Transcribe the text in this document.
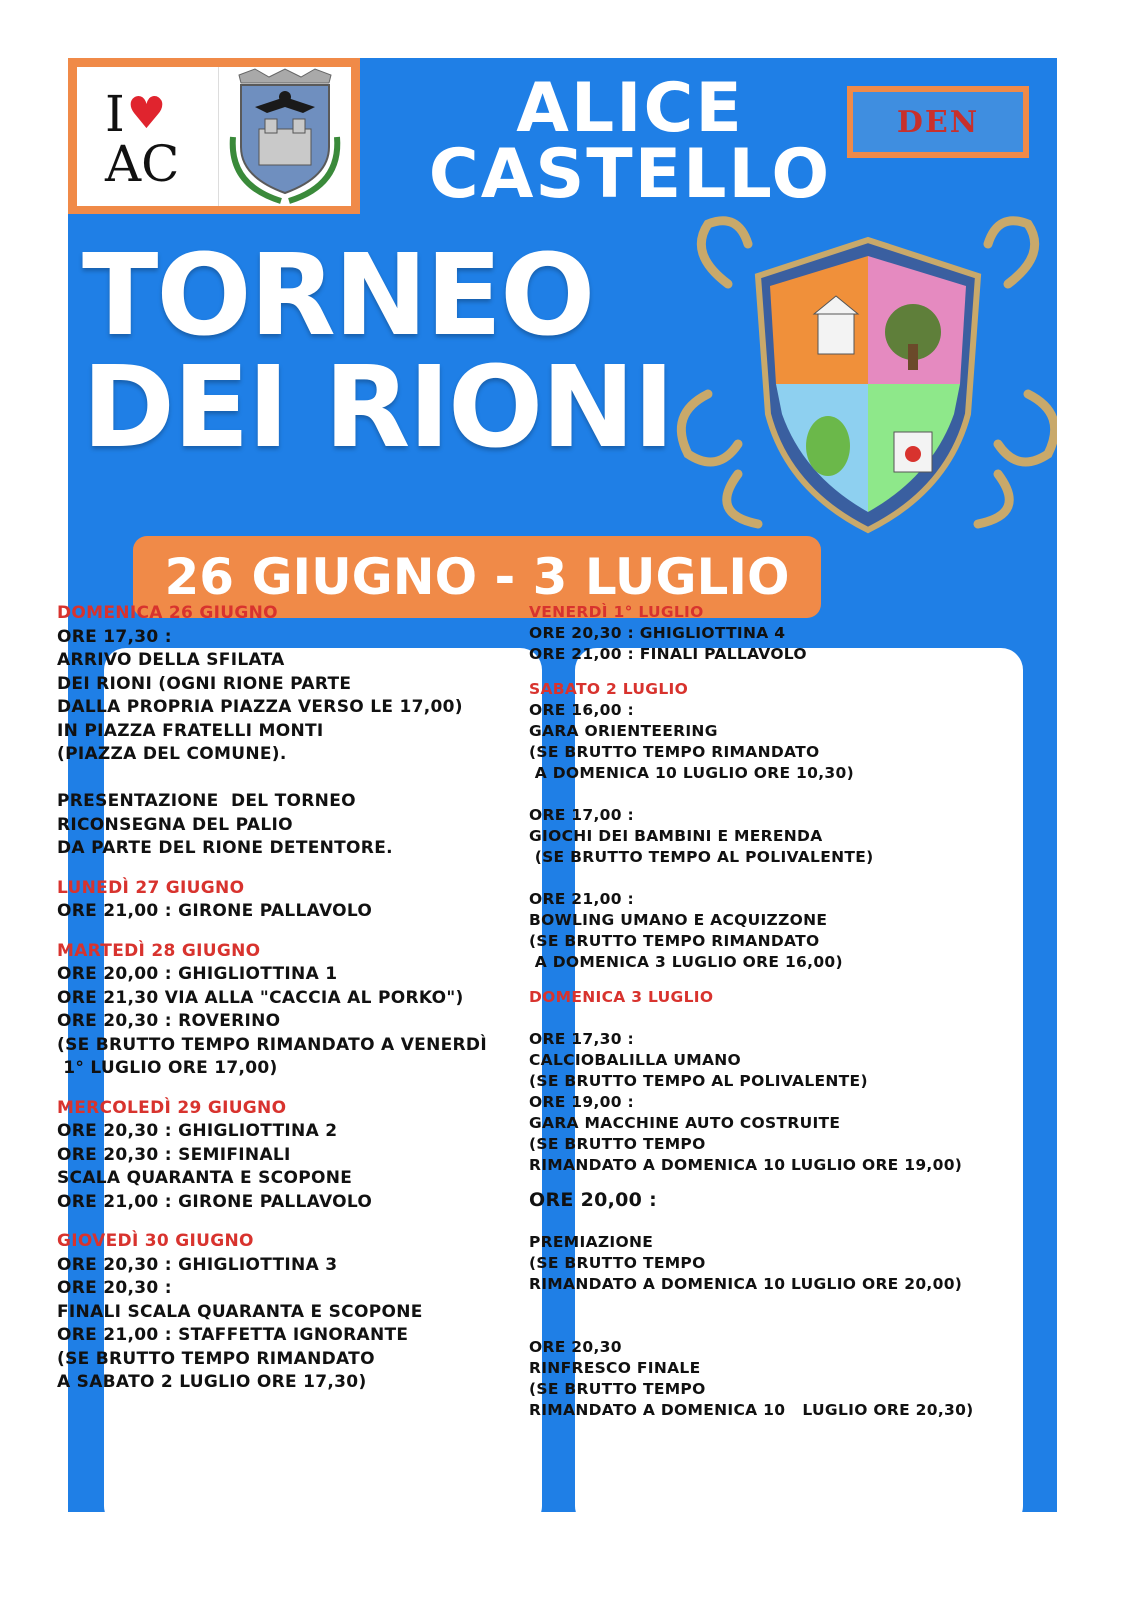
I ♥
AC
ALICE
CASTELLO
DEN
TORNEO
DEI RIONI
26 GIUGNO - 3 LUGLIO
DOMENICA 26 GIUGNO
ORE 17,30 :
ARRIVO DELLA SFILATA
DEI RIONI (OGNI RIONE PARTE
DALLA PROPRIA PIAZZA VERSO LE 17,00)
IN PIAZZA FRATELLI MONTI
(PIAZZA DEL COMUNE).

PRESENTAZIONE  DEL TORNEO
RICONSEGNA DEL PALIO
DA PARTE DEL RIONE DETENTORE.
LUNEDÌ 27 GIUGNO
ORE 21,00 : GIRONE PALLAVOLO
MARTEDÌ 28 GIUGNO
ORE 20,00 : GHIGLIOTTINA 1
ORE 21,30 VIA ALLA "CACCIA AL PORKO")
ORE 20,30 : ROVERINO
(SE BRUTTO TEMPO RIMANDATO A VENERDÌ
1° LUGLIO ORE 17,00)
MERCOLEDÌ 29 GIUGNO
ORE 20,30 : GHIGLIOTTINA 2
ORE 20,30 : SEMIFINALI
SCALA QUARANTA E SCOPONE
ORE 21,00 : GIRONE PALLAVOLO
GIOVEDÌ 30 GIUGNO
ORE 20,30 : GHIGLIOTTINA 3
ORE 20,30 :
FINALI SCALA QUARANTA E SCOPONE
ORE 21,00 : STAFFETTA IGNORANTE
(SE BRUTTO TEMPO RIMANDATO
A SABATO 2 LUGLIO ORE 17,30)
VENERDÌ 1° LUGLIO
ORE 20,30 : GHIGLIOTTINA 4
ORE 21,00 : FINALI PALLAVOLO
SABATO 2 LUGLIO
ORE 16,00 :
GARA ORIENTEERING
(SE BRUTTO TEMPO RIMANDATO
A DOMENICA 10 LUGLIO ORE 10,30)

ORE 17,00 :
GIOCHI DEI BAMBINI E MERENDA
(SE BRUTTO TEMPO AL POLIVALENTE)

ORE 21,00 :
BOWLING UMANO E ACQUIZZONE
(SE BRUTTO TEMPO RIMANDATO
A DOMENICA 3 LUGLIO ORE 16,00)
DOMENICA 3 LUGLIO

ORE 17,30 :
CALCIOBALILLA UMANO
(SE BRUTTO TEMPO AL POLIVALENTE)
ORE 19,00 :
GARA MACCHINE AUTO COSTRUITE
(SE BRUTTO TEMPO
RIMANDATO A DOMENICA 10 LUGLIO ORE 19,00)
ORE 20,00 :

PREMIAZIONE
(SE BRUTTO TEMPO
RIMANDATO A DOMENICA 10 LUGLIO ORE 20,00)

ORE 20,30
RINFRESCO FINALE
(SE BRUTTO TEMPO
RIMANDATO A DOMENICA 10   LUGLIO ORE 20,30)
